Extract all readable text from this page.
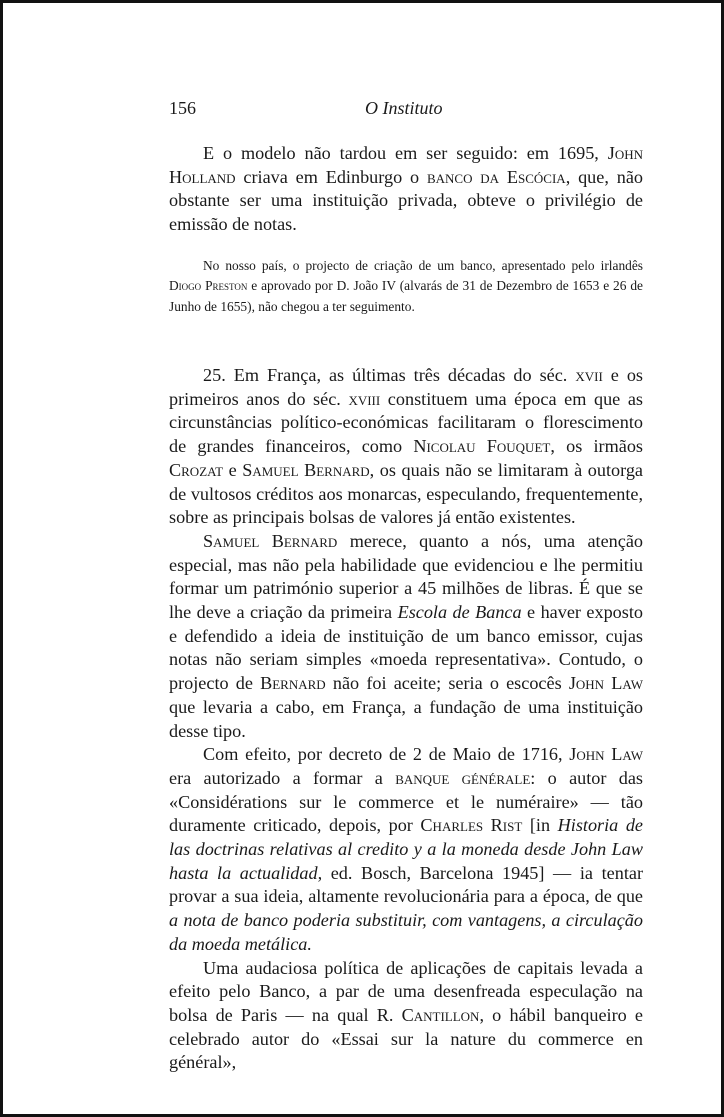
156	O Instituto

E o modelo não tardou em ser seguido: em 1695, John Holland criava em Edinburgo o banco da Escócia, que, não obstante ser uma instituição privada, obteve o privilégio de emissão de notas.

No nosso país, o projecto de criação de um banco, apresentado pelo irlandês Diogo Preston e aprovado por D. João IV (alvarás de 31 de Dezembro de 1653 e 26 de Junho de 1655), não chegou a ter seguimento.

25. Em França, as últimas três décadas do séc. xvii e os primeiros anos do séc. xviii constituem uma época em que as circunstâncias político-económicas facilitaram o florescimento de grandes financeiros, como Nicolau Fouquet, os irmãos Crozat e Samuel Bernard, os quais não se limitaram à outorga de vultosos créditos aos monarcas, especulando, frequentemente, sobre as principais bolsas de valores já então existentes.

Samuel Bernard merece, quanto a nós, uma atenção especial, mas não pela habilidade que evidenciou e lhe permitiu formar um património superior a 45 milhões de libras. É que se lhe deve a criação da primeira Escola de Banca e haver exposto e defendido a ideia de instituição de um banco emissor, cujas notas não seriam simples «moeda representativa». Contudo, o projecto de Bernard não foi aceite; seria o escocês John Law que levaria a cabo, em França, a fundação de uma instituição desse tipo.

Com efeito, por decreto de 2 de Maio de 1716, John Law era autorizado a formar a banque générale: o autor das «Considérations sur le commerce et le numéraire» — tão duramente criticado, depois, por Charles Rist [in Historia de las doctrinas relativas al credito y a la moneda desde John Law hasta la actualidad, ed. Bosch, Barcelona 1945] — ia tentar provar a sua ideia, altamente revolucionária para a época, de que a nota de banco poderia substituir, com vantagens, a circulação da moeda metálica.

Uma audaciosa política de aplicações de capitais levada a efeito pelo Banco, a par de uma desenfreada especulação na bolsa de Paris — na qual R. Cantillon, o hábil banqueiro e celebrado autor do «Essai sur la nature du commerce en général»,
